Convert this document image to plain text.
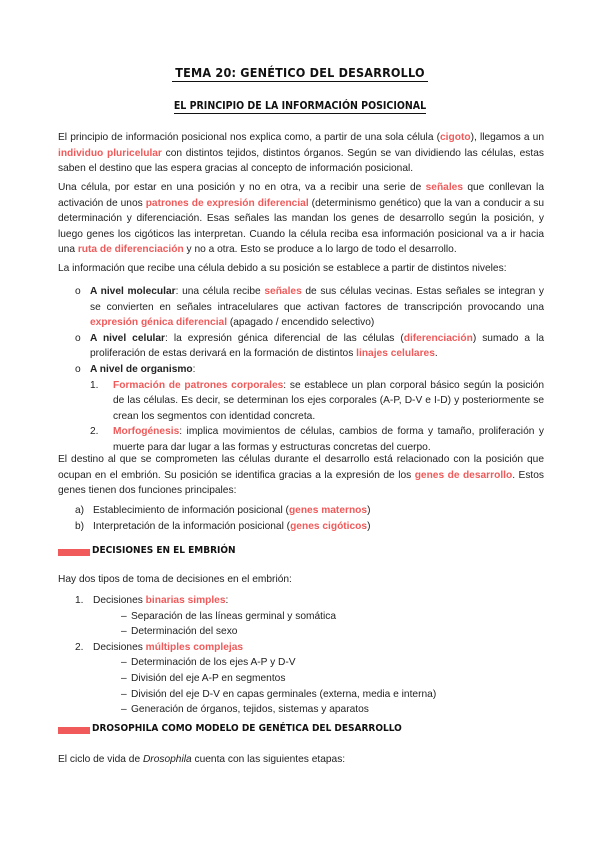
TEMA 20: GENÉTICO DEL DESARROLLO
EL PRINCIPIO DE LA INFORMACIÓN POSICIONAL

El principio de información posicional nos explica como, a partir de una sola célula (cigoto), llegamos a un individuo pluricelular con distintos tejidos, distintos órganos. Según se van dividiendo las células, estas saben el destino que las espera gracias al concepto de información posicional.

Una célula, por estar en una posición y no en otra, va a recibir una serie de señales que conllevan la activación de unos patrones de expresión diferencial (determinismo genético) que la van a conducir a su determinación y diferenciación. Esas señales las mandan los genes de desarrollo según la posición, y luego genes los cigóticos las interpretan. Cuando la célula reciba esa información posicional va a ir hacia una ruta de diferenciación y no a otra. Esto se produce a lo largo de todo el desarrollo.

La información que recibe una célula debido a su posición se establece a partir de distintos niveles:

o A nivel molecular: una célula recibe señales de sus células vecinas. Estas señales se integran y se convierten en señales intracelulares que activan factores de transcripción provocando una expresión génica diferencial (apagado / encendido selectivo)
o A nivel celular: la expresión génica diferencial de las células (diferenciación) sumado a la proliferación de estas derivará en la formación de distintos linajes celulares.
o A nivel de organismo:
1. Formación de patrones corporales: se establece un plan corporal básico según la posición de las células. Es decir, se determinan los ejes corporales (A-P, D-V e I-D) y posteriormente se crean los segmentos con identidad concreta.
2. Morfogénesis: implica movimientos de células, cambios de forma y tamaño, proliferación y muerte para dar lugar a las formas y estructuras concretas del cuerpo.

El destino al que se comprometen las células durante el desarrollo está relacionado con la posición que ocupan en el embrión. Su posición se identifica gracias a la expresión de los genes de desarrollo. Estos genes tienen dos funciones principales:

a) Establecimiento de información posicional (genes maternos)
b) Interpretación de la información posicional (genes cigóticos)
DECISIONES EN EL EMBRIÓN

Hay dos tipos de toma de decisiones en el embrión:

1. Decisiones binarias simples:
– Separación de las líneas germinal y somática
– Determinación del sexo
2. Decisiones múltiples complejas
– Determinación de los ejes A-P y D-V
– División del eje A-P en segmentos
– División del eje D-V en capas germinales (externa, media e interna)
– Generación de órganos, tejidos, sistemas y aparatos
DROSOPHILA COMO MODELO DE GENÉTICA DEL DESARROLLO

El ciclo de vida de Drosophila cuenta con las siguientes etapas:
